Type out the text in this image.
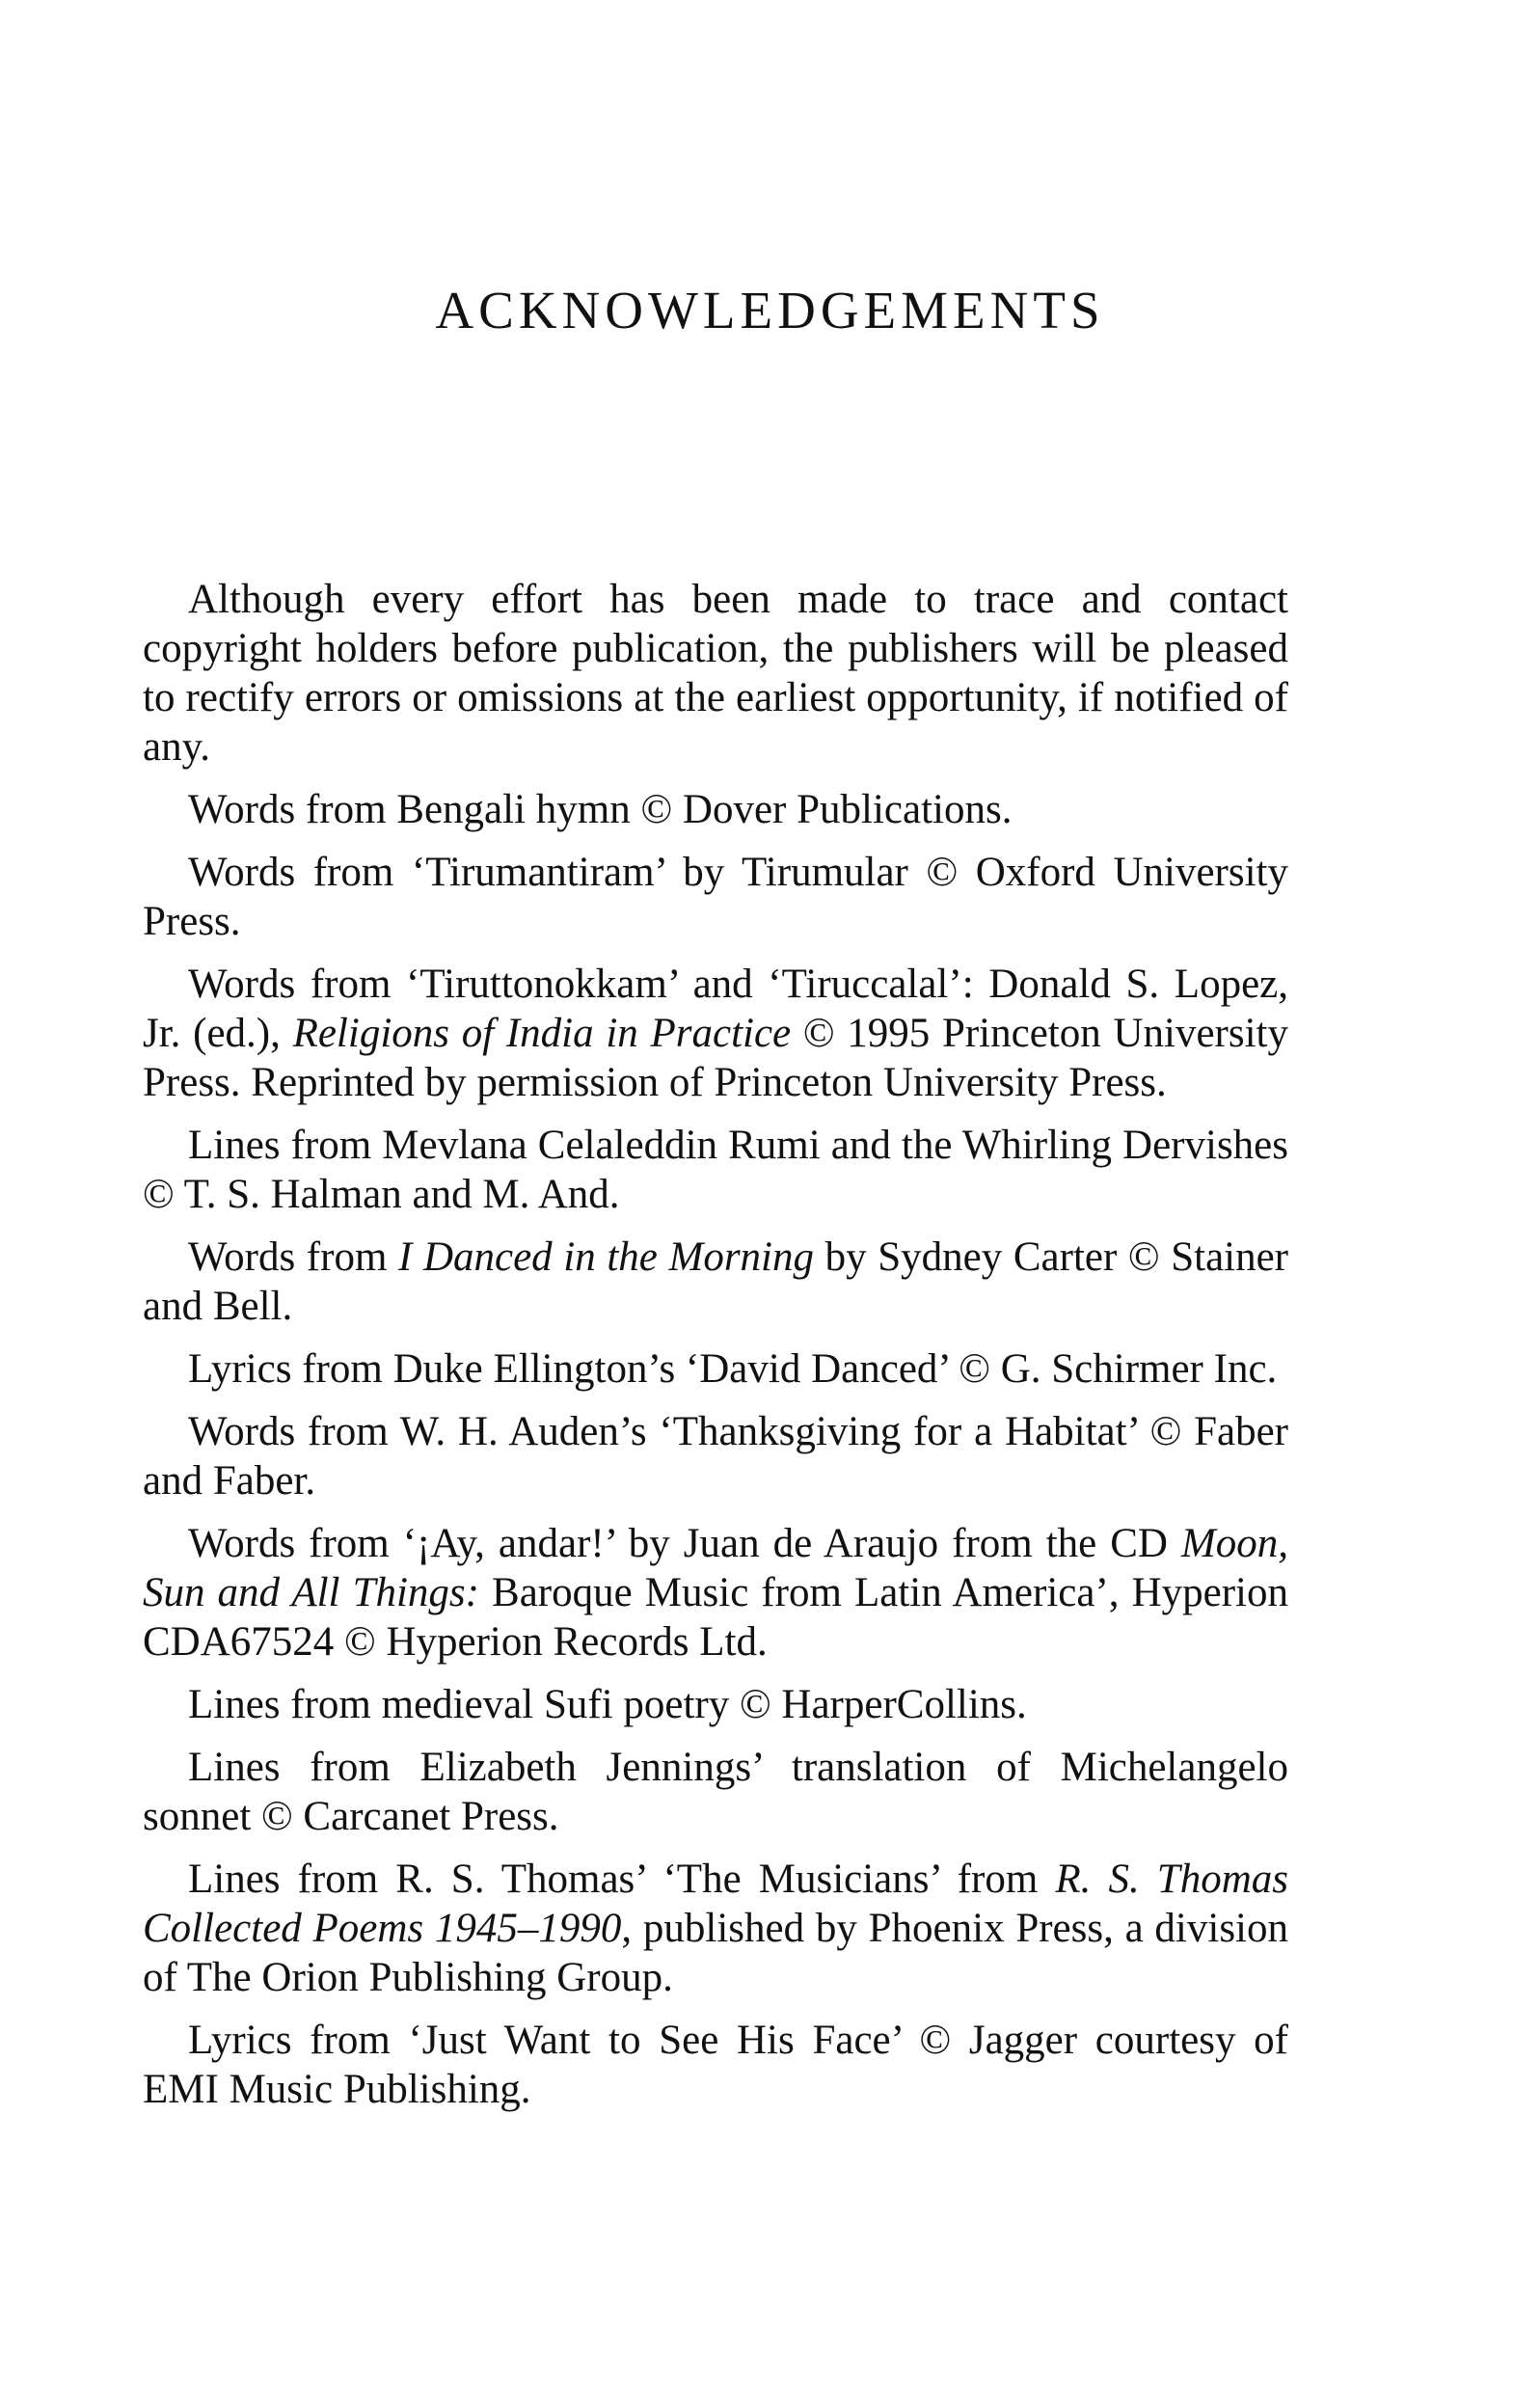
ACKNOWLEDGEMENTS

Although every effort has been made to trace and contact copyright holders before publication, the publishers will be pleased to rectify errors or omissions at the earliest opportunity, if notified of any.

Words from Bengali hymn © Dover Publications.

Words from ‘Tirumantiram’ by Tirumular © Oxford University Press.

Words from ‘Tiruttonokkam’ and ‘Tiruccalal’: Donald S. Lopez, Jr. (ed.), Religions of India in Practice © 1995 Princeton University Press. Reprinted by permission of Princeton University Press.

Lines from Mevlana Celaleddin Rumi and the Whirling Dervishes © T. S. Halman and M. And.

Words from I Danced in the Morning by Sydney Carter © Stainer and Bell.

Lyrics from Duke Ellington’s ‘David Danced’ © G. Schirmer Inc.

Words from W. H. Auden’s ‘Thanksgiving for a Habitat’ © Faber and Faber.

Words from ‘¡Ay, andar!’ by Juan de Araujo from the CD Moon, Sun and All Things: Baroque Music from Latin America’, Hyperion CDA67524 © Hyperion Records Ltd.

Lines from medieval Sufi poetry © HarperCollins.

Lines from Elizabeth Jennings’ translation of Michelangelo sonnet © Carcanet Press.

Lines from R. S. Thomas’ ‘The Musicians’ from R. S. Thomas Collected Poems 1945–1990, published by Phoenix Press, a division of The Orion Publishing Group.

Lyrics from ‘Just Want to See His Face’ © Jagger courtesy of EMI Music Publishing.
